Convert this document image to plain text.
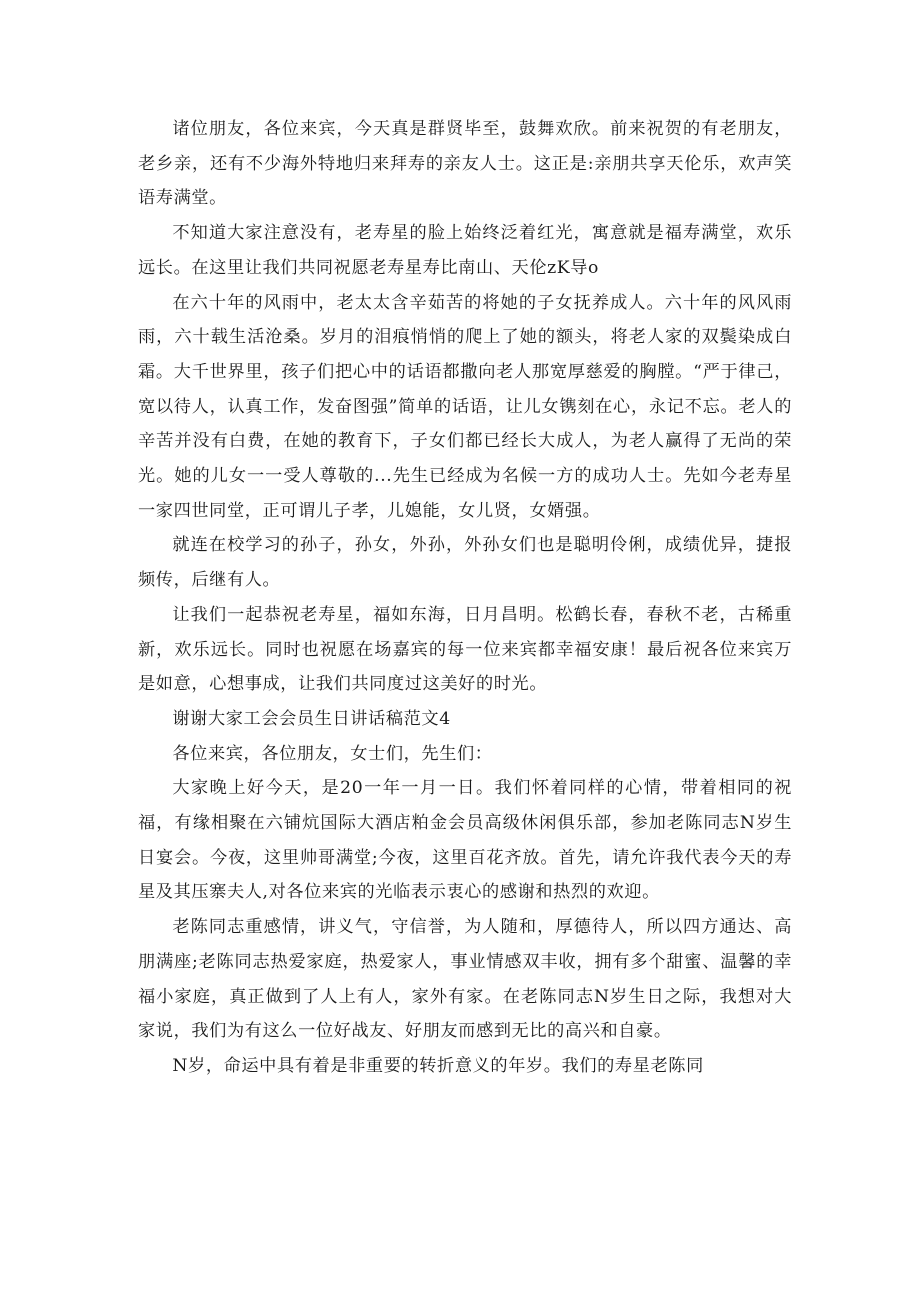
诸位朋友，各位来宾，今天真是群贤毕至，鼓舞欢欣。前来祝贺的有老朋友，老乡亲，还有不少海外特地归来拜寿的亲友人士。这正是:亲朋共享天伦乐，欢声笑语寿满堂。

不知道大家注意没有，老寿星的脸上始终泛着红光，寓意就是福寿满堂，欢乐远长。在这里让我们共同祝愿老寿星寿比南山、天伦zK导o

在六十年的风雨中，老太太含辛茹苦的将她的子女抚养成人。六十年的风风雨雨，六十载生活沧桑。岁月的泪痕悄悄的爬上了她的额头，将老人家的双鬓染成白霜。大千世界里，孩子们把心中的话语都撒向老人那宽厚慈爱的胸膛。“严于律己，宽以待人，认真工作，发奋图强”简单的话语，让儿女镌刻在心，永记不忘。老人的辛苦并没有白费，在她的教育下，子女们都已经长大成人，为老人赢得了无尚的荣光。她的儿女一一受人尊敬的...先生已经成为名候一方的成功人士。先如今老寿星一家四世同堂，正可谓儿子孝，儿媳能，女儿贤，女婿强。

就连在校学习的孙子，孙女，外孙，外孙女们也是聪明伶俐，成绩优异，捷报频传，后继有人。

让我们一起恭祝老寿星，福如东海，日月昌明。松鹤长春，春秋不老，古稀重新，欢乐远长。同时也祝愿在场嘉宾的每一位来宾都幸福安康！最后祝各位来宾万是如意，心想事成，让我们共同度过这美好的时光。

谢谢大家工会会员生日讲话稿范文4

各位来宾，各位朋友，女士们，先生们：

大家晚上好今天，是20一年一月一日。我们怀着同样的心情，带着相同的祝福，有缘相聚在六铺炕国际大酒店粕金会员高级休闲俱乐部，参加老陈同志N岁生日宴会。今夜，这里帅哥满堂;今夜，这里百花齐放。首先，请允许我代表今天的寿星及其压寨夫人,对各位来宾的光临表示衷心的感谢和热烈的欢迎。

老陈同志重感情，讲义气，守信誉，为人随和，厚德待人，所以四方通达、高朋满座;老陈同志热爱家庭，热爱家人，事业情感双丰收，拥有多个甜蜜、温馨的幸福小家庭，真正做到了人上有人，家外有家。在老陈同志N岁生日之际，我想对大家说，我们为有这么一位好战友、好朋友而感到无比的高兴和自豪。

N岁，命运中具有着是非重要的转折意义的年岁。我们的寿星老陈同
